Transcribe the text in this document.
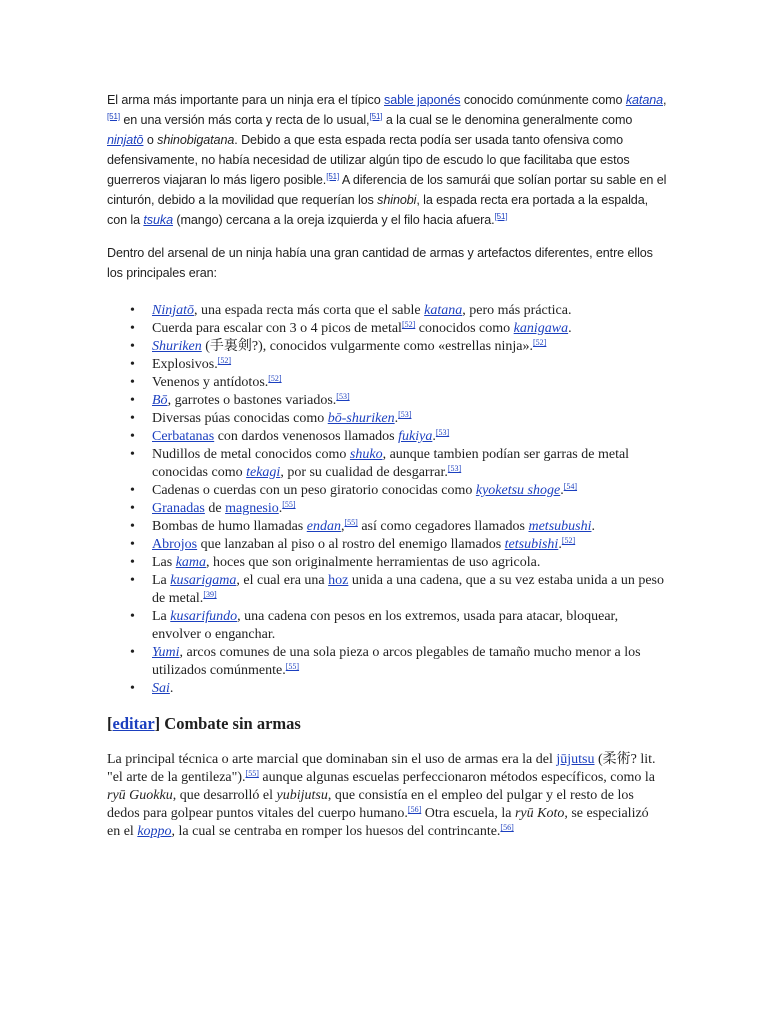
El arma más importante para un ninja era el típico sable japonés conocido comúnmente como katana,[51] en una versión más corta y recta de lo usual,[51] a la cual se le denomina generalmente como ninjatō o shinobigatana. Debido a que esta espada recta podía ser usada tanto ofensiva como defensivamente, no había necesidad de utilizar algún tipo de escudo lo que facilitaba que estos guerreros viajaran lo más ligero posible.[51] A diferencia de los samurái que solían portar su sable en el cinturón, debido a la movilidad que requerían los shinobi, la espada recta era portada a la espalda, con la tsuka (mango) cercana a la oreja izquierda y el filo hacia afuera.[51]

Dentro del arsenal de un ninja había una gran cantidad de armas y artefactos diferentes, entre ellos los principales eran:

• Ninjatō, una espada recta más corta que el sable katana, pero más práctica.
• Cuerda para escalar con 3 o 4 picos de metal[52] conocidos como kanigawa.
• Shuriken (手裏剣?), conocidos vulgarmente como «estrellas ninja».[52]
• Explosivos.[52]
• Venenos y antídotos.[52]
• Bō, garrotes o bastones variados.[53]
• Diversas púas conocidas como bō-shuriken.[53]
• Cerbatanas con dardos venenosos llamados fukiya.[53]
• Nudillos de metal conocidos como shuko, aunque tambien podían ser garras de metal conocidas como tekagi, por su cualidad de desgarrar.[53]
• Cadenas o cuerdas con un peso giratorio conocidas como kyoketsu shoge.[54]
• Granadas de magnesio.[55]
• Bombas de humo llamadas endan,[55] así como cegadores llamados metsubushi.
• Abrojos que lanzaban al piso o al rostro del enemigo llamados tetsubishi.[52]
• Las kama, hoces que son originalmente herramientas de uso agricola.
• La kusarigama, el cual era una hoz unida a una cadena, que a su vez estaba unida a un peso de metal.[39]
• La kusarifundo, una cadena con pesos en los extremos, usada para atacar, bloquear, envolver o enganchar.
• Yumi, arcos comunes de una sola pieza o arcos plegables de tamaño mucho menor a los utilizados comúnmente.[55]
• Sai.
[editar] Combate sin armas

La principal técnica o arte marcial que dominaban sin el uso de armas era la del jūjutsu (柔術? lit. "el arte de la gentileza").[55] aunque algunas escuelas perfeccionaron métodos específicos, como la ryū Guokku, que desarrolló el yubijutsu, que consistía en el empleo del pulgar y el resto de los dedos para golpear puntos vitales del cuerpo humano.[56] Otra escuela, la ryū Koto, se especializó en el koppo, la cual se centraba en romper los huesos del contrincante.[56]
